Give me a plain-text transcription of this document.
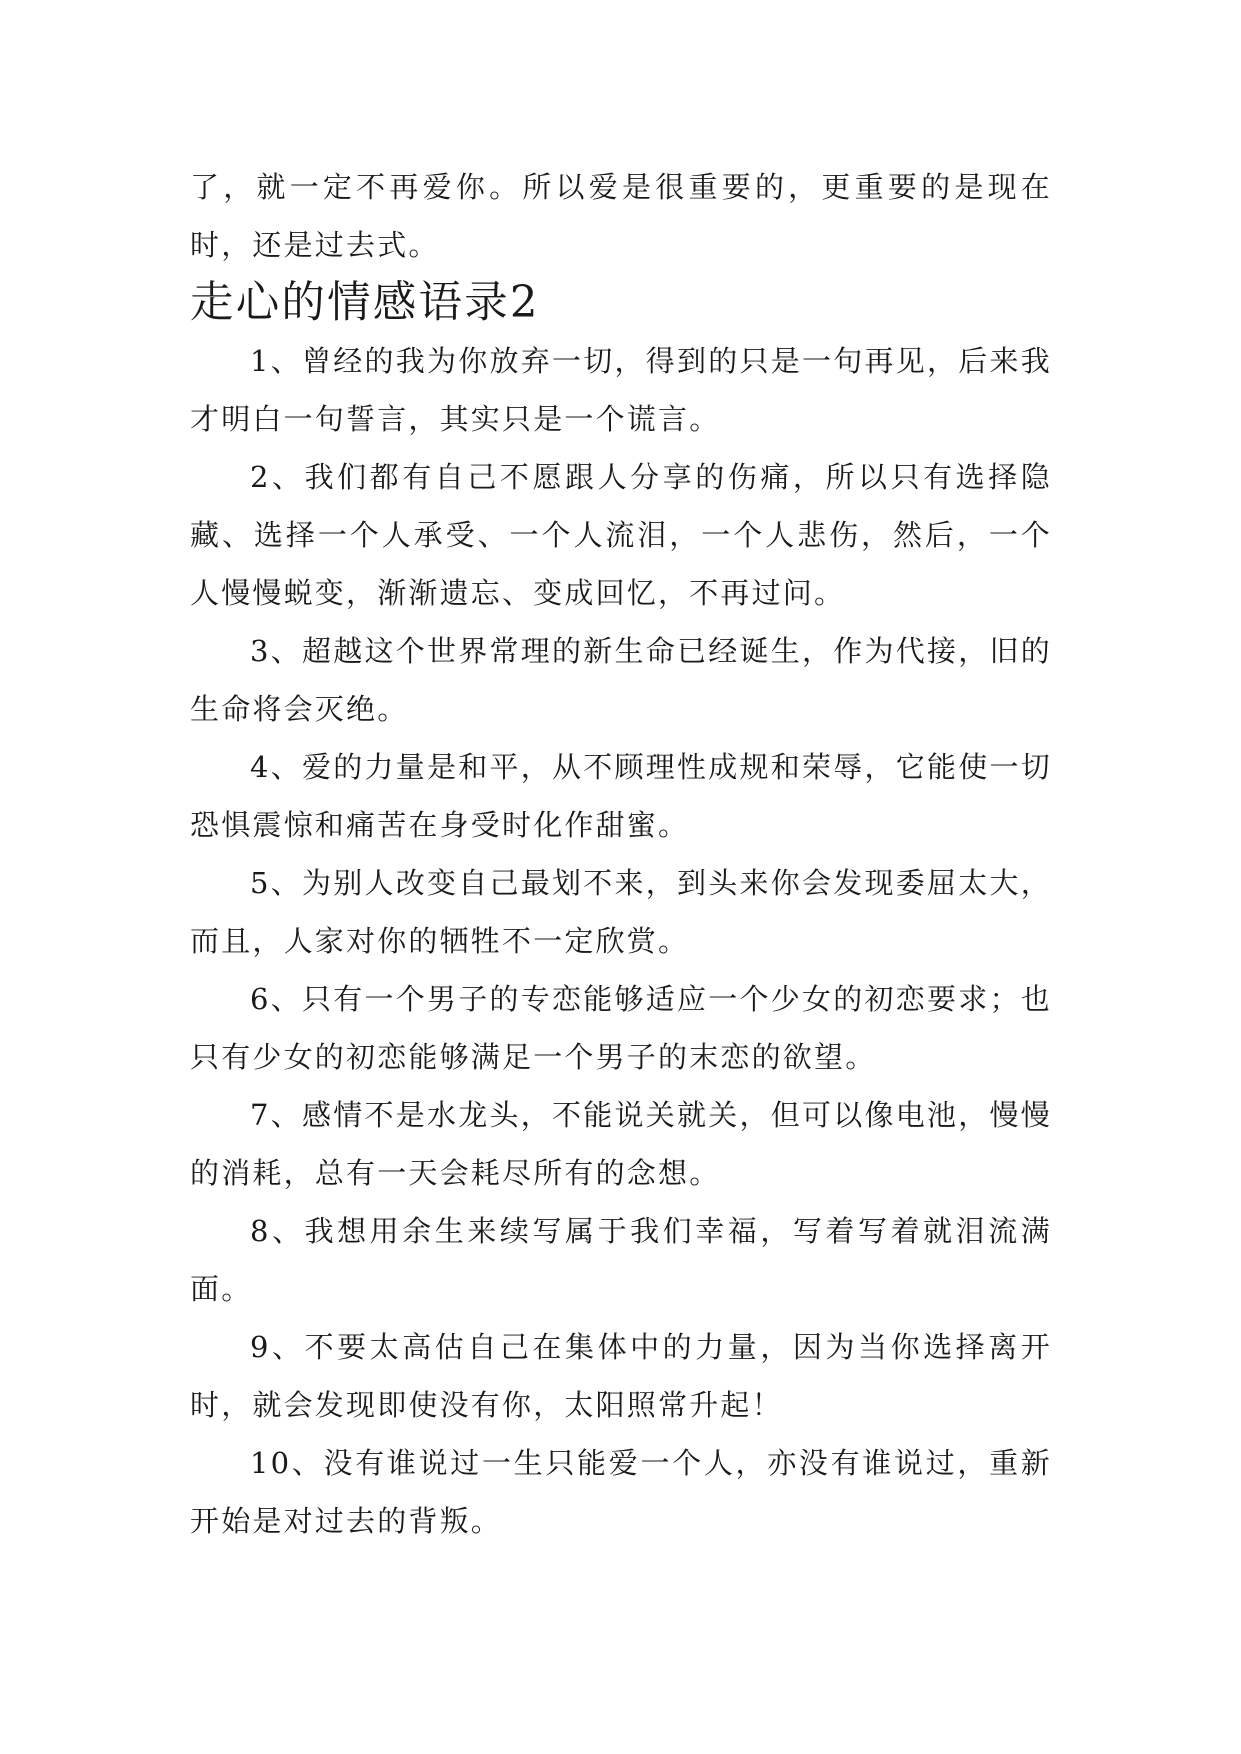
了，就一定不再爱你。所以爱是很重要的，更重要的是现在时，还是过去式。

走心的情感语录2

1、曾经的我为你放弃一切，得到的只是一句再见，后来我才明白一句誓言，其实只是一个谎言。

2、我们都有自己不愿跟人分享的伤痛，所以只有选择隐藏、选择一个人承受、一个人流泪，一个人悲伤，然后，一个人慢慢蜕变，渐渐遗忘、变成回忆，不再过问。

3、超越这个世界常理的新生命已经诞生，作为代接，旧的生命将会灭绝。

4、爱的力量是和平，从不顾理性成规和荣辱，它能使一切恐惧震惊和痛苦在身受时化作甜蜜。

5、为别人改变自己最划不来，到头来你会发现委屈太大，而且，人家对你的牺牲不一定欣赏。

6、只有一个男子的专恋能够适应一个少女的初恋要求；也只有少女的初恋能够满足一个男子的末恋的欲望。

7、感情不是水龙头，不能说关就关，但可以像电池，慢慢的消耗，总有一天会耗尽所有的念想。

8、我想用余生来续写属于我们幸福，写着写着就泪流满面。

9、不要太高估自己在集体中的力量，因为当你选择离开时，就会发现即使没有你，太阳照常升起！

10、没有谁说过一生只能爱一个人，亦没有谁说过，重新开始是对过去的背叛。
